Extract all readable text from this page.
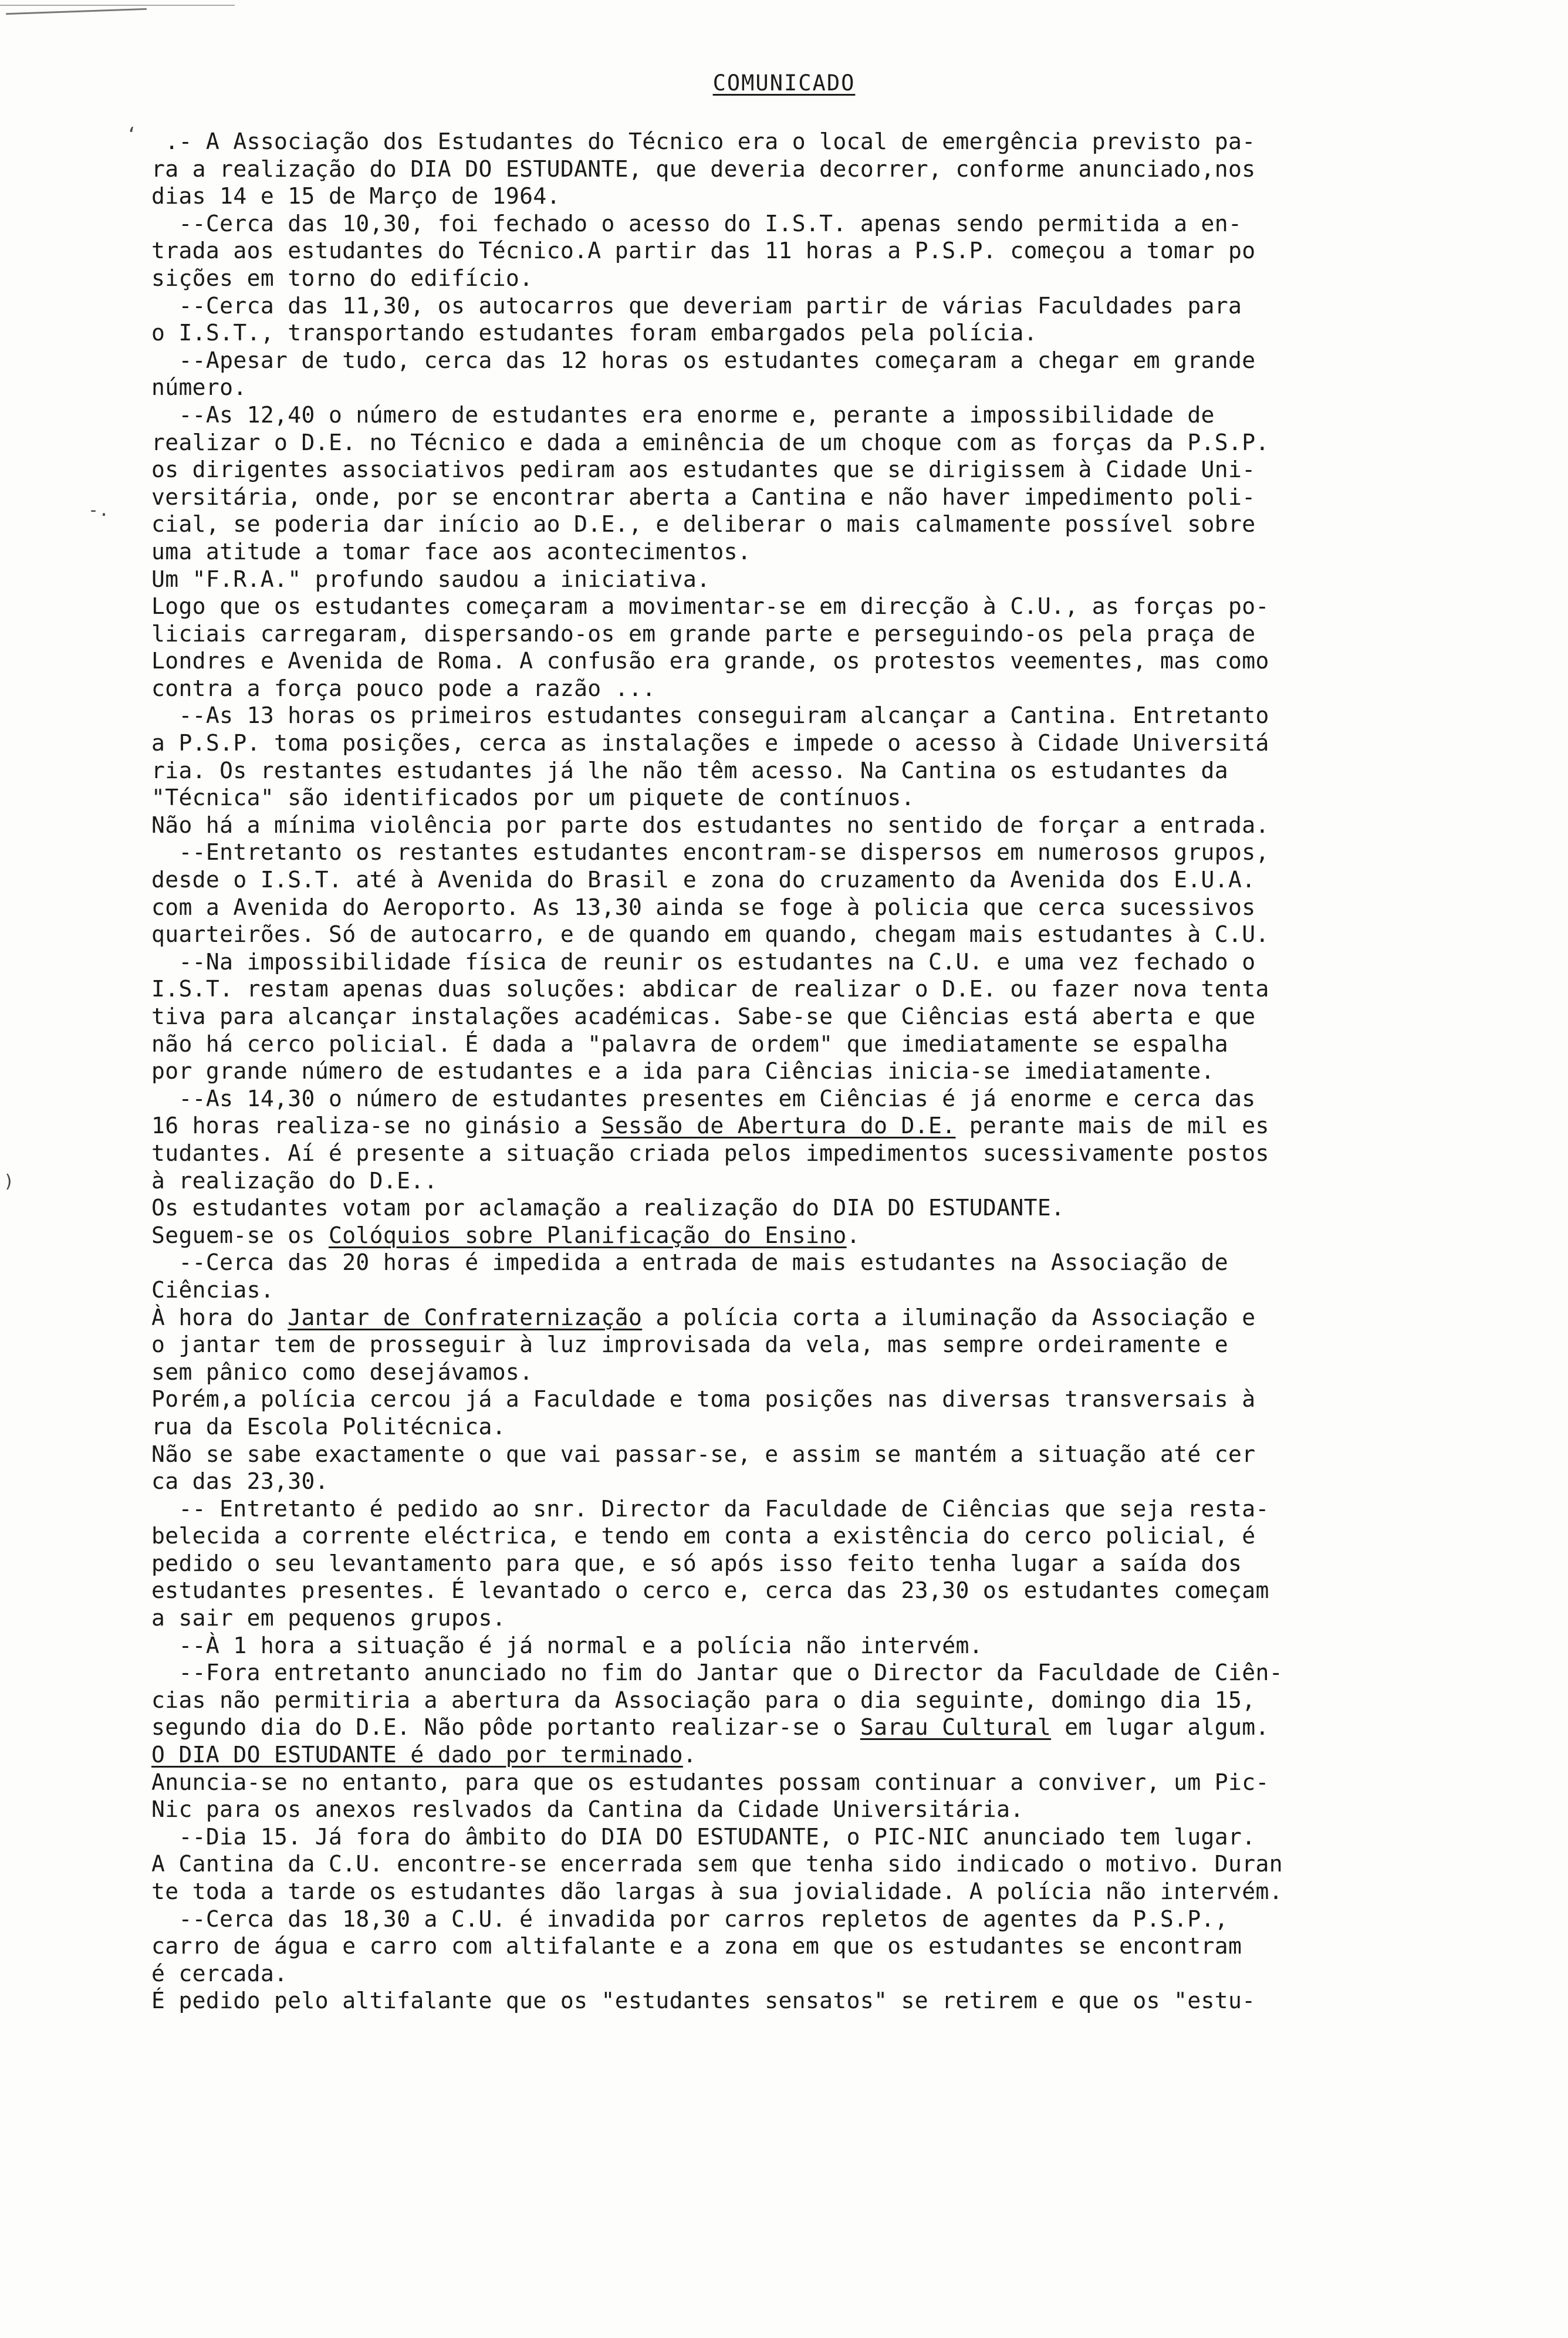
‘
-.
)
COMUNICADO
.- A Associação dos Estudantes do Técnico era o local de emergência previsto pa-
ra a realização do DIA DO ESTUDANTE, que deveria decorrer, conforme anunciado,nos
dias 14 e 15 de Março de 1964.
--Cerca das 10,30, foi fechado o acesso do I.S.T. apenas sendo permitida a en-
trada aos estudantes do Técnico.A partir das 11 horas a P.S.P. começou a tomar po
sições em torno do edifício.
--Cerca das 11,30, os autocarros que deveriam partir de várias Faculdades para
o I.S.T., transportando estudantes foram embargados pela polícia.
--Apesar de tudo, cerca das 12 horas os estudantes começaram a chegar em grande
número.
--As 12,40 o número de estudantes era enorme e, perante a impossibilidade de
realizar o D.E. no Técnico e dada a eminência de um choque com as forças da P.S.P.
os dirigentes associativos pediram aos estudantes que se dirigissem à Cidade Uni-
versitária, onde, por se encontrar aberta a Cantina e não haver impedimento poli-
cial, se poderia dar início ao D.E., e deliberar o mais calmamente possível sobre
uma atitude a tomar face aos acontecimentos.
Um "F.R.A." profundo saudou a iniciativa.
Logo que os estudantes começaram a movimentar-se em direcção à C.U., as forças po-
liciais carregaram, dispersando-os em grande parte e perseguindo-os pela praça de
Londres e Avenida de Roma. A confusão era grande, os protestos veementes, mas como
contra a força pouco pode a razão ...
--As 13 horas os primeiros estudantes conseguiram alcançar a Cantina. Entretanto
a P.S.P. toma posições, cerca as instalações e impede o acesso à Cidade Universitá
ria. Os restantes estudantes já lhe não têm acesso. Na Cantina os estudantes da
"Técnica" são identificados por um piquete de contínuos.
Não há a mínima violência por parte dos estudantes no sentido de forçar a entrada.
--Entretanto os restantes estudantes encontram-se dispersos em numerosos grupos,
desde o I.S.T. até à Avenida do Brasil e zona do cruzamento da Avenida dos E.U.A.
com a Avenida do Aeroporto. As 13,30 ainda se foge à policia que cerca sucessivos
quarteirões. Só de autocarro, e de quando em quando, chegam mais estudantes à C.U.
--Na impossibilidade física de reunir os estudantes na C.U. e uma vez fechado o
I.S.T. restam apenas duas soluções: abdicar de realizar o D.E. ou fazer nova tenta
tiva para alcançar instalações académicas. Sabe-se que Ciências está aberta e que
não há cerco policial. É dada a "palavra de ordem" que imediatamente se espalha
por grande número de estudantes e a ida para Ciências inicia-se imediatamente.
--As 14,30 o número de estudantes presentes em Ciências é já enorme e cerca das
16 horas realiza-se no ginásio a Sessão de Abertura do D.E. perante mais de mil es
tudantes. Aí é presente a situação criada pelos impedimentos sucessivamente postos
à realização do D.E..
Os estudantes votam por aclamação a realização do DIA DO ESTUDANTE.
Seguem-se os Colóquios sobre Planificação do Ensino.
--Cerca das 20 horas é impedida a entrada de mais estudantes na Associação de
Ciências.
À hora do Jantar de Confraternização a polícia corta a iluminação da Associação e
o jantar tem de prosseguir à luz improvisada da vela, mas sempre ordeiramente e
sem pânico como desejávamos.
Porém,a polícia cercou já a Faculdade e toma posições nas diversas transversais à
rua da Escola Politécnica.
Não se sabe exactamente o que vai passar-se, e assim se mantém a situação até cer
ca das 23,30.
-- Entretanto é pedido ao snr. Director da Faculdade de Ciências que seja resta-
belecida a corrente eléctrica, e tendo em conta a existência do cerco policial, é
pedido o seu levantamento para que, e só após isso feito tenha lugar a saída dos
estudantes presentes. É levantado o cerco e, cerca das 23,30 os estudantes começam
a sair em pequenos grupos.
--À 1 hora a situação é já normal e a polícia não intervém.
--Fora entretanto anunciado no fim do Jantar que o Director da Faculdade de Ciên-
cias não permitiria a abertura da Associação para o dia seguinte, domingo dia 15,
segundo dia do D.E. Não pôde portanto realizar-se o Sarau Cultural em lugar algum.
O DIA DO ESTUDANTE é dado por terminado.
Anuncia-se no entanto, para que os estudantes possam continuar a conviver, um Pic-
Nic para os anexos reslvados da Cantina da Cidade Universitária.
--Dia 15. Já fora do âmbito do DIA DO ESTUDANTE, o PIC-NIC anunciado tem lugar.
A Cantina da C.U. encontre-se encerrada sem que tenha sido indicado o motivo. Duran
te toda a tarde os estudantes dão largas à sua jovialidade. A polícia não intervém.
--Cerca das 18,30 a C.U. é invadida por carros repletos de agentes da P.S.P.,
carro de água e carro com altifalante e a zona em que os estudantes se encontram
é cercada.
É pedido pelo altifalante que os "estudantes sensatos" se retirem e que os "estu-
